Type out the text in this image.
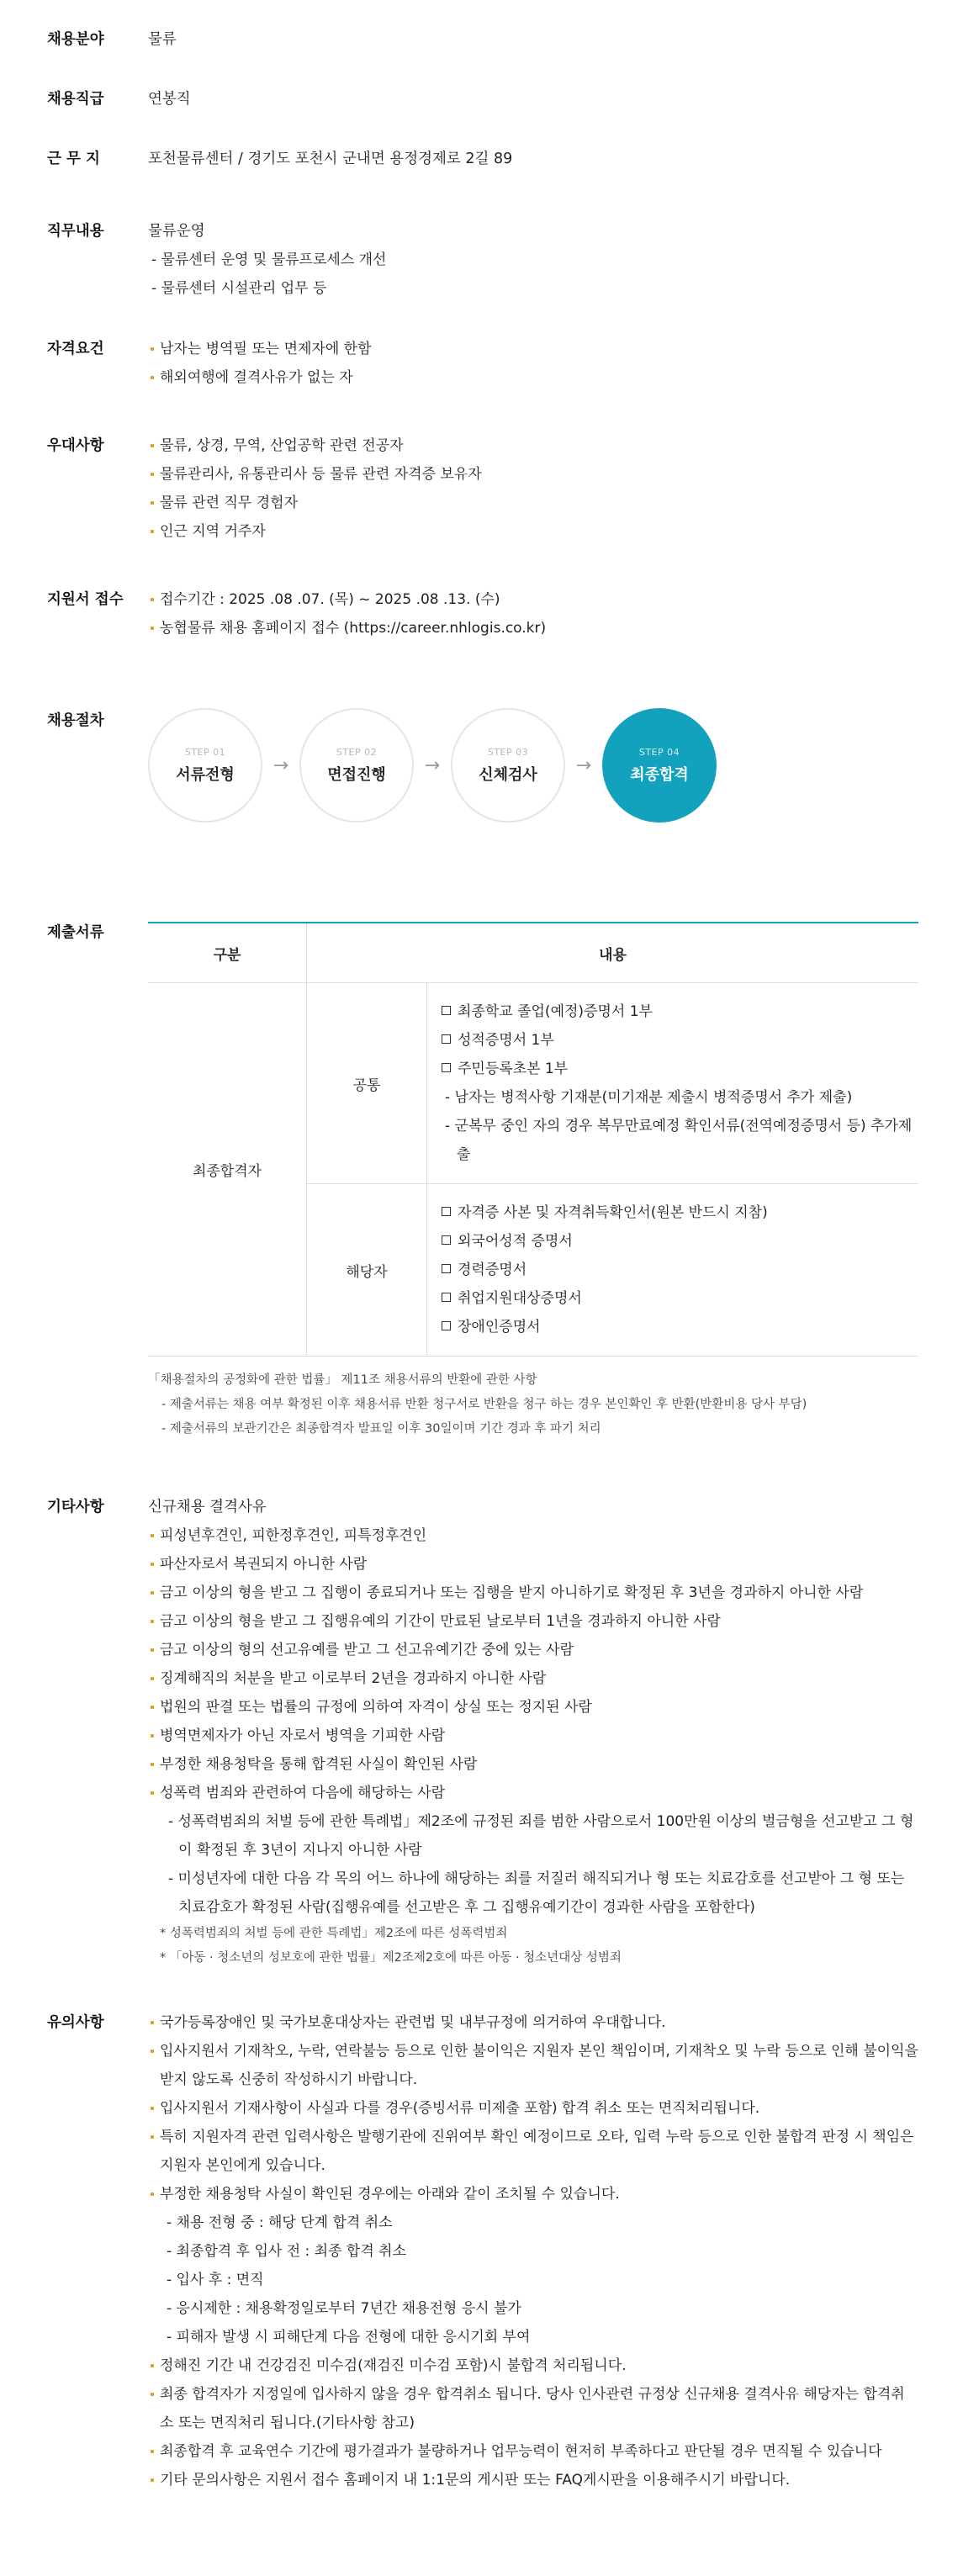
채용분야	물류
채용직급	연봉직
근 무 지	포천물류센터 / 경기도 포천시 군내면 용정경제로 2길 89
직무내용	물류운영
- 물류센터 운영 및 물류프로세스 개선
- 물류센터 시설관리 업무 등
자격요건	남자는 병역필 또는 면제자에 한함
해외여행에 결격사유가 없는 자
우대사항	물류, 상경, 무역, 산업공학 관련 전공자
물류관리사, 유통관리사 등 물류 관련 자격증 보유자
물류 관련 직무 경험자
인근 지역 거주자
지원서 접수	접수기간 : 2025 .08 .07. (목) ~ 2025 .08 .13. (수)
농협물류 채용 홈페이지 접수 (https://career.nhlogis.co.kr)
채용절차
STEP 01
서류전형	→
STEP 02
면접진행	→
STEP 03
신체검사	→
STEP 04
최종합격
제출서류
구분	내용	
최종합격자	공통	최종학교 졸업(예정)증명서 1부
성적증명서 1부
주민등록초본 1부
- 남자는 병적사항 기재분(미기재분 제출시 병적증명서 추가 제출)
- 군복무 중인 자의 경우 복무만료예정 확인서류(전역예정증명서 등) 추가제출

	해당자	자격증 사본 및 자격취득확인서(원본 반드시 지참)
외국어성적 증명서
경력증명서
취업지원대상증명서
장애인증명서
「채용절차의 공정화에 관한 법률」 제11조 채용서류의 반환에 관한 사항
- 제출서류는 채용 여부 확정된 이후 채용서류 반환 청구서로 반환을 청구 하는 경우 본인확인 후 반환(반환비용 당사 부담)
- 제출서류의 보관기간은 최종합격자 발표일 이후 30일이며 기간 경과 후 파기 처리
기타사항	신규채용 결격사유
피성년후견인, 피한정후견인, 피특정후견인
파산자로서 복권되지 아니한 사람
금고 이상의 형을 받고 그 집행이 종료되거나 또는 집행을 받지 아니하기로 확정된 후 3년을 경과하지 아니한 사람
금고 이상의 형을 받고 그 집행유예의 기간이 만료된 날로부터 1년을 경과하지 아니한 사람
금고 이상의 형의 선고유예를 받고 그 선고유예기간 중에 있는 사람
징계해직의 처분을 받고 이로부터 2년을 경과하지 아니한 사람
법원의 판결 또는 법률의 규정에 의하여 자격이 상실 또는 정지된 사람
병역면제자가 아닌 자로서 병역을 기피한 사람
부정한 채용청탁을 통해 합격된 사실이 확인된 사람
성폭력 범죄와 관련하여 다음에 해당하는 사람
- 성폭력범죄의 처벌 등에 관한 특례법」제2조에 규정된 죄를 범한 사람으로서 100만원 이상의 벌금형을 선고받고 그 형이 확정된 후 3년이 지나지 아니한 사람
- 미성년자에 대한 다음 각 목의 어느 하나에 해당하는 죄를 저질러 해직되거나 형 또는 치료감호를 선고받아 그 형 또는 치료감호가 확정된 사람(집행유예를 선고받은 후 그 집행유예기간이 경과한 사람을 포함한다)
* 성폭력범죄의 처벌 등에 관한 특례법」제2조에 따른 성폭력범죄
* 「아동 · 청소년의 성보호에 관한 법률」제2조제2호에 따른 아동 · 청소년대상 성범죄
유의사항	국가등록장애인 및 국가보훈대상자는 관련법 및 내부규정에 의거하여 우대합니다.
입사지원서 기재착오, 누락, 연락불능 등으로 인한 불이익은 지원자 본인 책임이며, 기재착오 및 누락 등으로 인해 불이익을 받지 않도록 신중히 작성하시기 바랍니다.
입사지원서 기재사항이 사실과 다를 경우(증빙서류 미제출 포함) 합격 취소 또는 면직처리됩니다.
특히 지원자격 관련 입력사항은 발행기관에 진위여부 확인 예정이므로 오타, 입력 누락 등으로 인한 불합격 판정 시 책임은 지원자 본인에게 있습니다.
부정한 채용청탁 사실이 확인된 경우에는 아래와 같이 조치될 수 있습니다.
- 채용 전형 중 : 해당 단계 합격 취소
- 최종합격 후 입사 전 : 최종 합격 취소
- 입사 후 : 면직
- 응시제한 : 채용확정일로부터 7년간 채용전형 응시 불가
- 피해자 발생 시 피해단계 다음 전형에 대한 응시기회 부여
정해진 기간 내 건강검진 미수검(재검진 미수검 포함)시 불합격 처리됩니다.
최종 합격자가 지정일에 입사하지 않을 경우 합격취소 됩니다. 당사 인사관련 규정상 신규채용 결격사유 해당자는 합격취소 또는 면직처리 됩니다.(기타사항 참고)
최종합격 후 교육연수 기간에 평가결과가 불량하거나 업무능력이 현저히 부족하다고 판단될 경우 면직될 수 있습니다
기타 문의사항은 지원서 접수 홈페이지 내 1:1문의 게시판 또는 FAQ게시판을 이용해주시기 바랍니다.
